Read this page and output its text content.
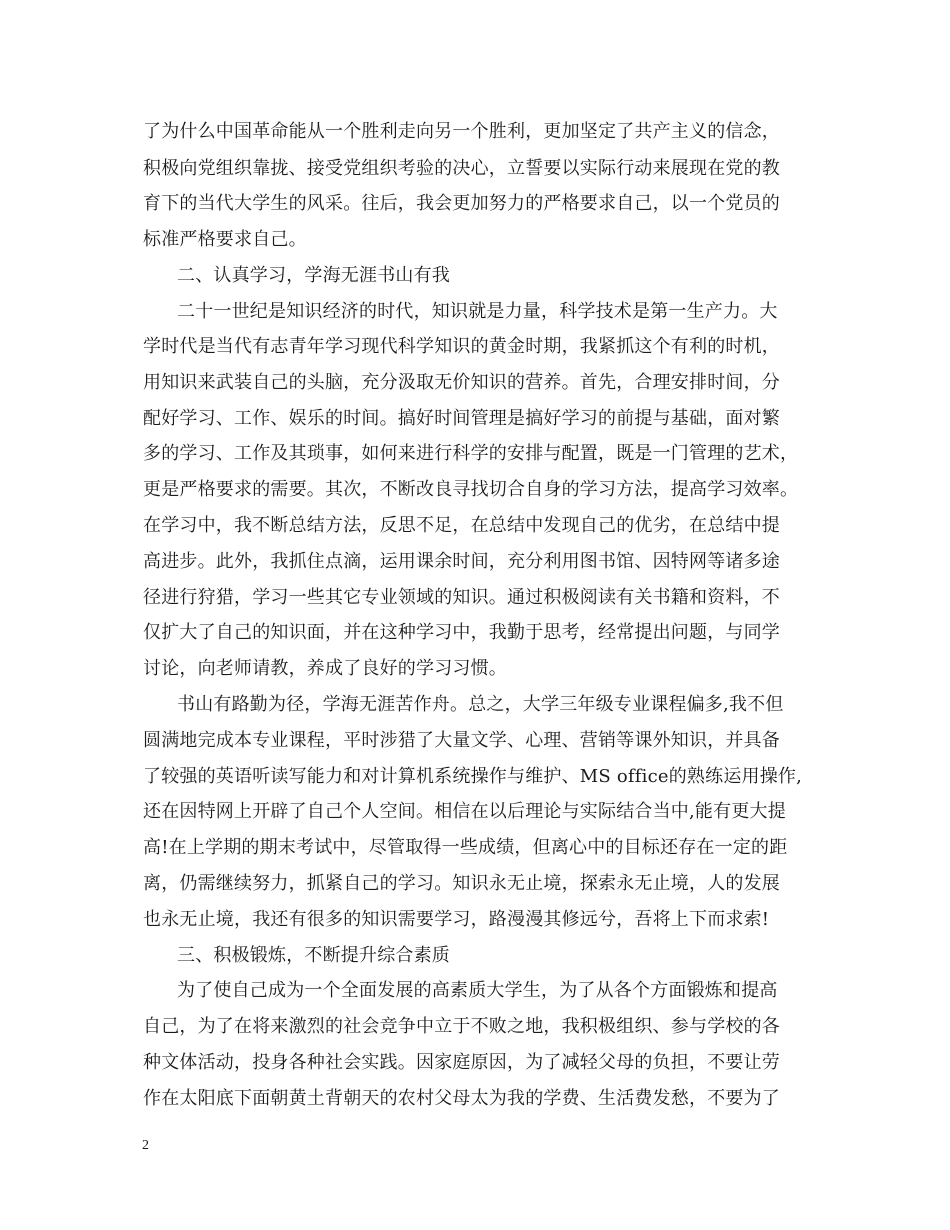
了为什么中国革命能从一个胜利走向另一个胜利，更加坚定了共产主义的信念，
积极向党组织靠拢、接受党组织考验的决心，立誓要以实际行动来展现在党的教
育下的当代大学生的风采。往后，我会更加努力的严格要求自己，以一个党员的
标准严格要求自己。
二、认真学习，学海无涯书山有我
二十一世纪是知识经济的时代，知识就是力量，科学技术是第一生产力。大
学时代是当代有志青年学习现代科学知识的黄金时期，我紧抓这个有利的时机，
用知识来武装自己的头脑，充分汲取无价知识的营养。首先，合理安排时间，分
配好学习、工作、娱乐的时间。搞好时间管理是搞好学习的前提与基础，面对繁
多的学习、工作及其琐事，如何来进行科学的安排与配置，既是一门管理的艺术，
更是严格要求的需要。其次，不断改良寻找切合自身的学习方法，提高学习效率。
在学习中，我不断总结方法，反思不足，在总结中发现自己的优劣，在总结中提
高进步。此外，我抓住点滴，运用课余时间，充分利用图书馆、因特网等诸多途
径进行狩猎，学习一些其它专业领域的知识。通过积极阅读有关书籍和资料，不
仅扩大了自己的知识面，并在这种学习中，我勤于思考，经常提出问题，与同学
讨论，向老师请教，养成了良好的学习习惯。
书山有路勤为径，学海无涯苦作舟。总之，大学三年级专业课程偏多,我不但
圆满地完成本专业课程，平时涉猎了大量文学、心理、营销等课外知识，并具备
了较强的英语听读写能力和对计算机系统操作与维护、MS office的熟练运用操作,
还在因特网上开辟了自己个人空间。相信在以后理论与实际结合当中,能有更大提
高!在上学期的期末考试中，尽管取得一些成绩，但离心中的目标还存在一定的距
离，仍需继续努力，抓紧自己的学习。知识永无止境，探索永无止境，人的发展
也永无止境，我还有很多的知识需要学习，路漫漫其修远兮，吾将上下而求索!
三、积极锻炼，不断提升综合素质
为了使自己成为一个全面发展的高素质大学生，为了从各个方面锻炼和提高
自己，为了在将来激烈的社会竞争中立于不败之地，我积极组织、参与学校的各
种文体活动，投身各种社会实践。因家庭原因，为了减轻父母的负担，不要让劳
作在太阳底下面朝黄土背朝天的农村父母太为我的学费、生活费发愁，不要为了
2
